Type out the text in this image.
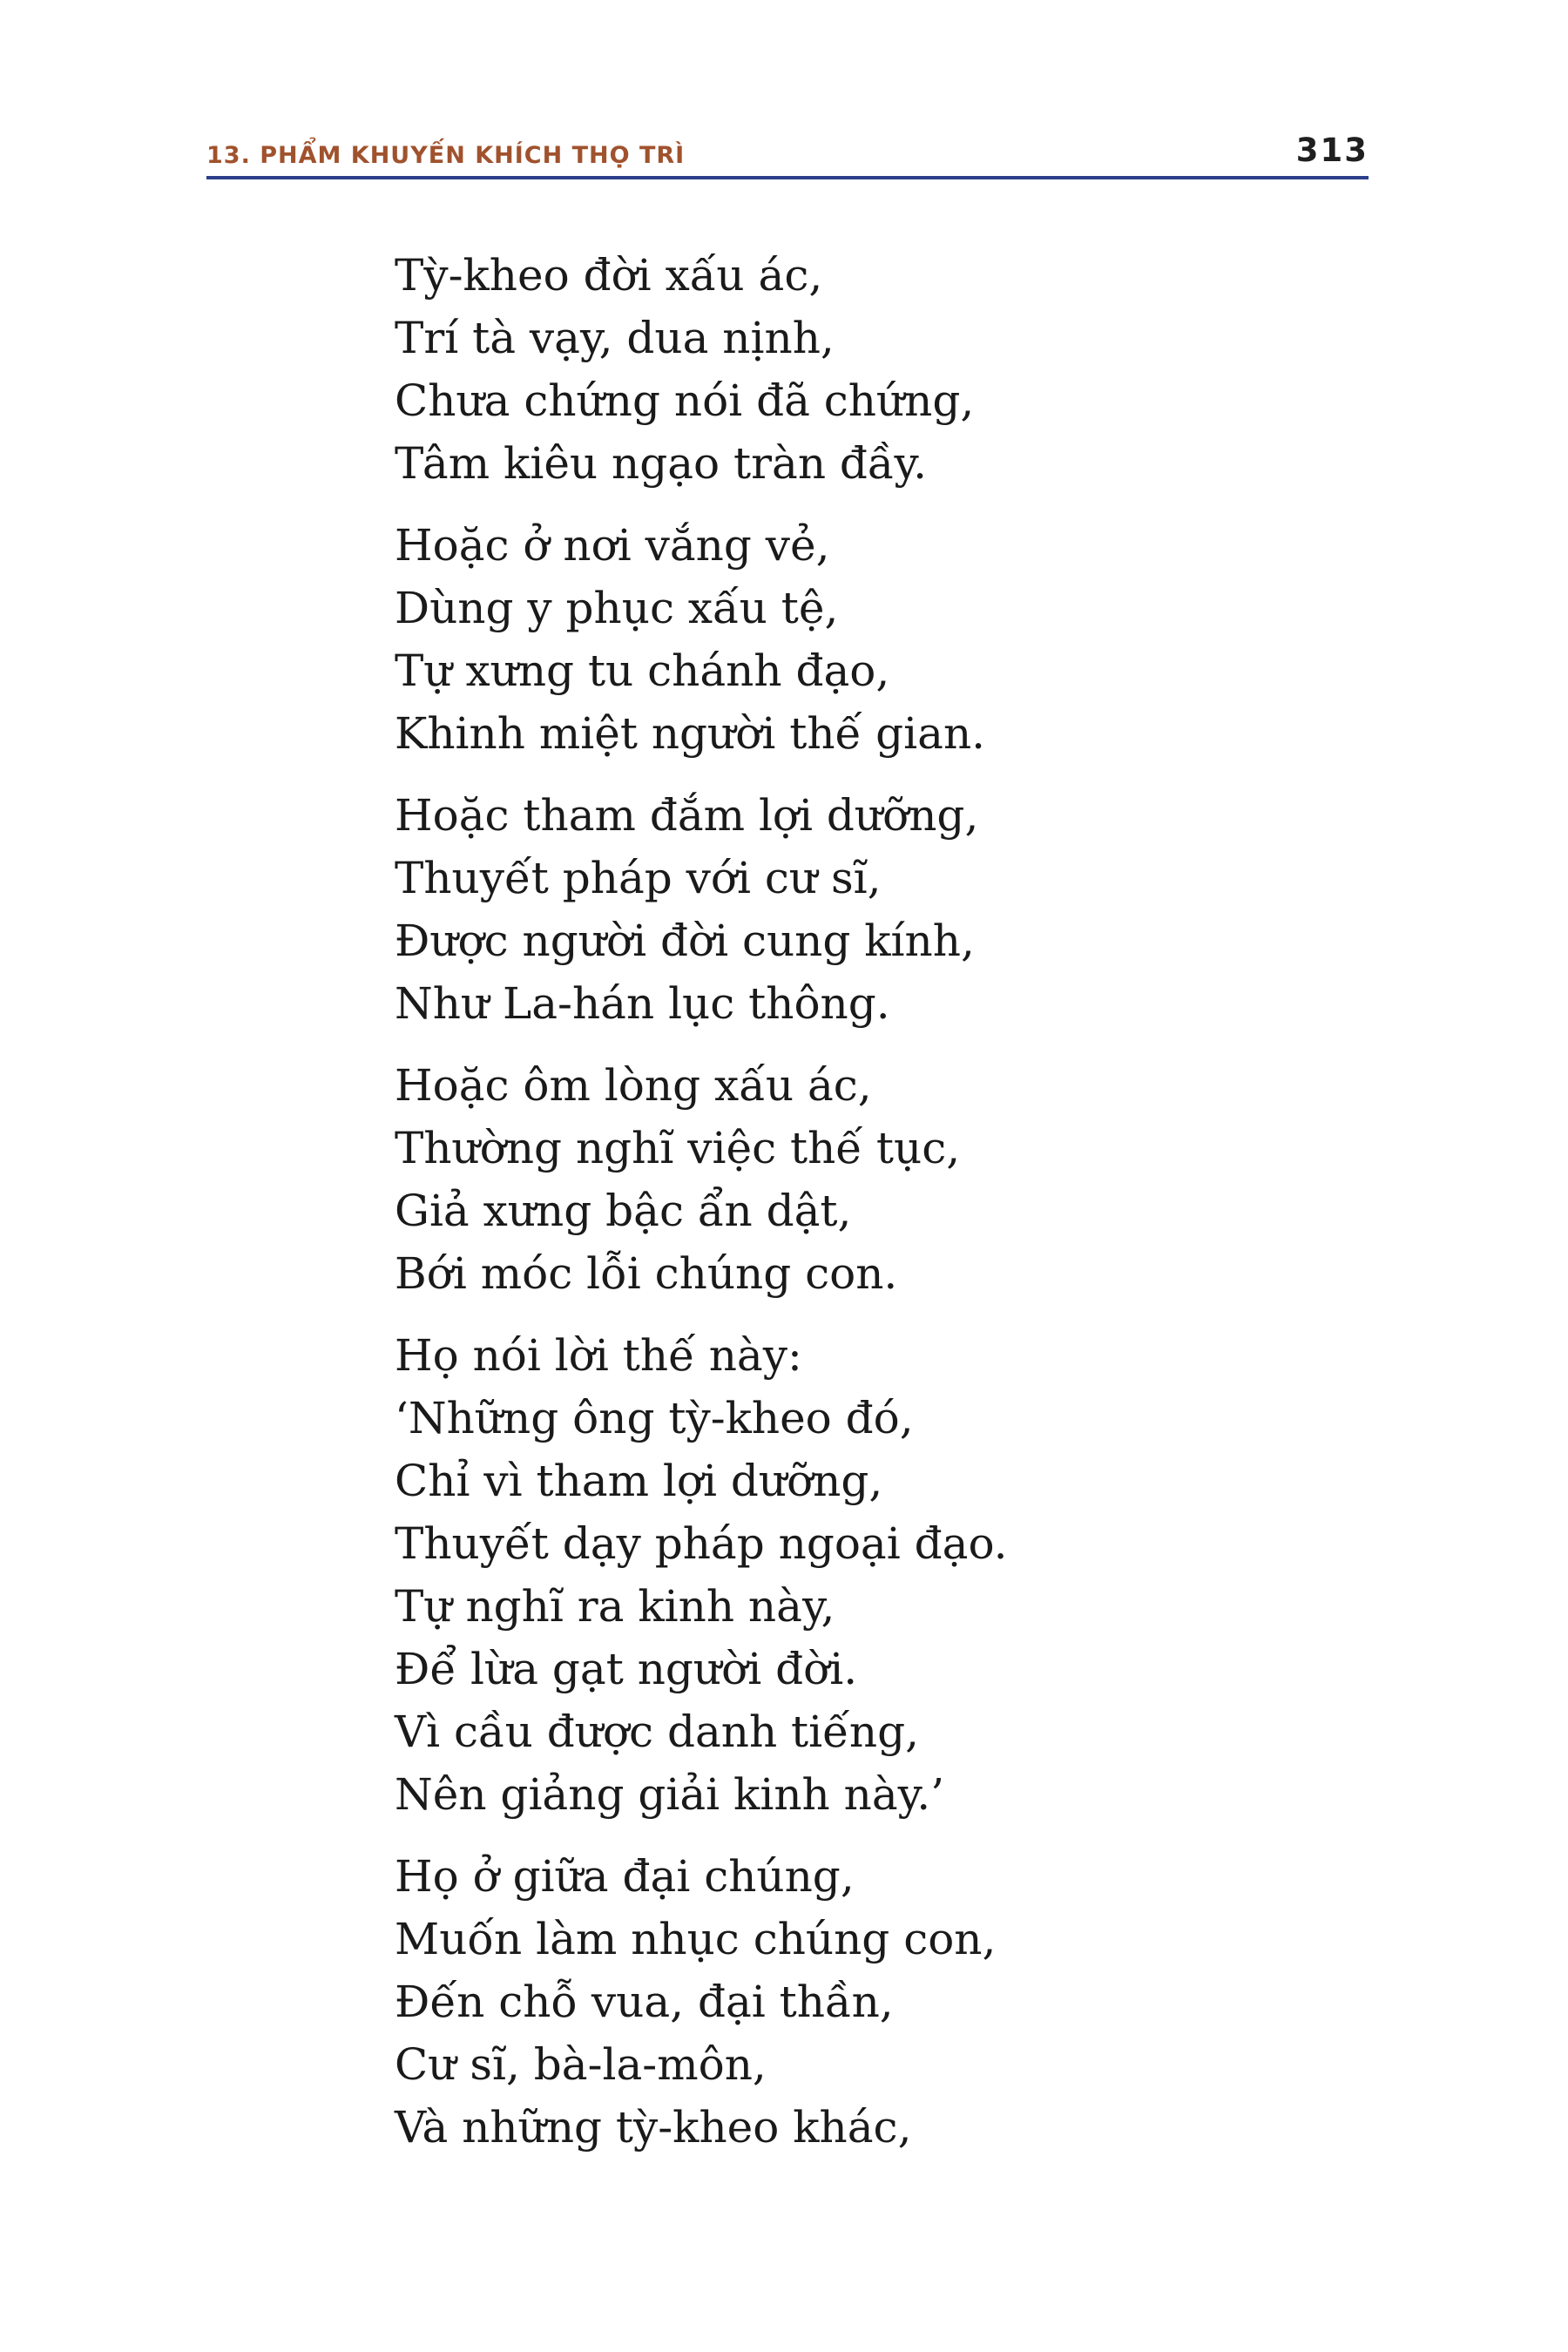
13. PHẨM KHUYẾN KHÍCH THỌ TRÌ	313
Tỳ-kheo đời xấu ác,
Trí tà vạy, dua nịnh,
Chưa chứng nói đã chứng,
Tâm kiêu ngạo tràn đầy.
Hoặc ở nơi vắng vẻ,
Dùng y phục xấu tệ,
Tự xưng tu chánh đạo,
Khinh miệt người thế gian.
Hoặc tham đắm lợi dưỡng,
Thuyết pháp với cư sĩ,
Được người đời cung kính,
Như La-hán lục thông.
Hoặc ôm lòng xấu ác,
Thường nghĩ việc thế tục,
Giả xưng bậc ẩn dật,
Bới móc lỗi chúng con.
Họ nói lời thế này:
‘Những ông tỳ-kheo đó,
Chỉ vì tham lợi dưỡng,
Thuyết dạy pháp ngoại đạo.
Tự nghĩ ra kinh này,
Để lừa gạt người đời.
Vì cầu được danh tiếng,
Nên giảng giải kinh này.’
Họ ở giữa đại chúng,
Muốn làm nhục chúng con,
Đến chỗ vua, đại thần,
Cư sĩ, bà-la-môn,
Và những tỳ-kheo khác,
